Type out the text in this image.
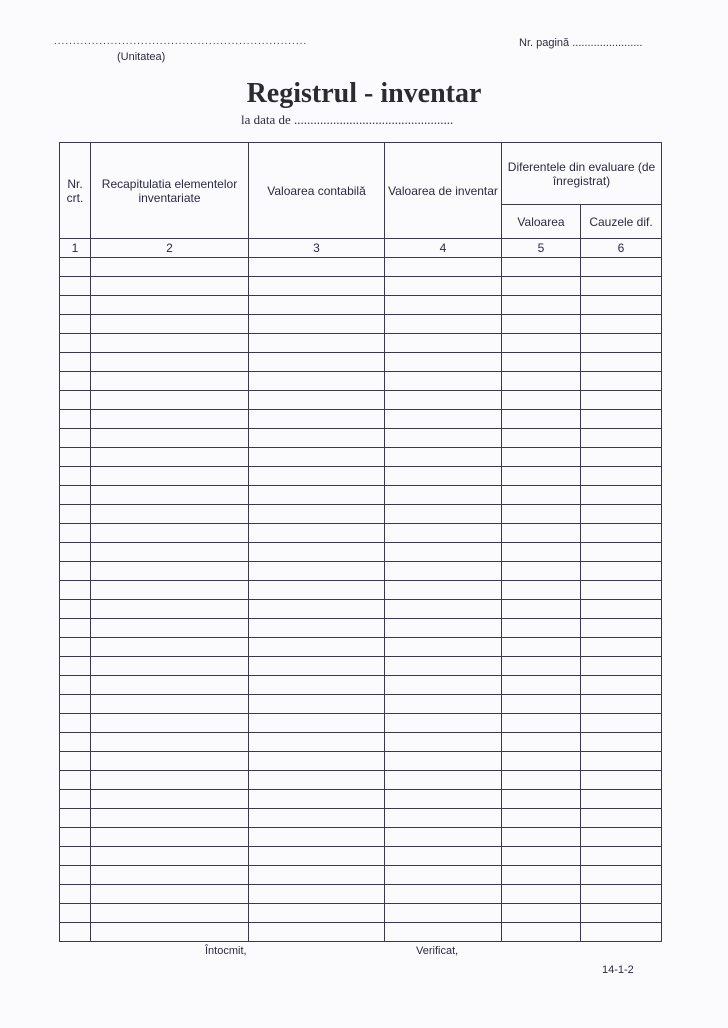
...................................................................
(Unitatea)
Nr. pagină .......................
Registrul - inventar
la data de .................................................
Nr. crt.	Recapitulatia elementelor inventariate	Valoarea contabilă	Valoarea de inventar	Diferentele din evaluare (de înregistrat)	
				Valoarea	Cauzele dif.
1	2	3	4	5	6

Întocmit,	Verificat,
14-1-2
